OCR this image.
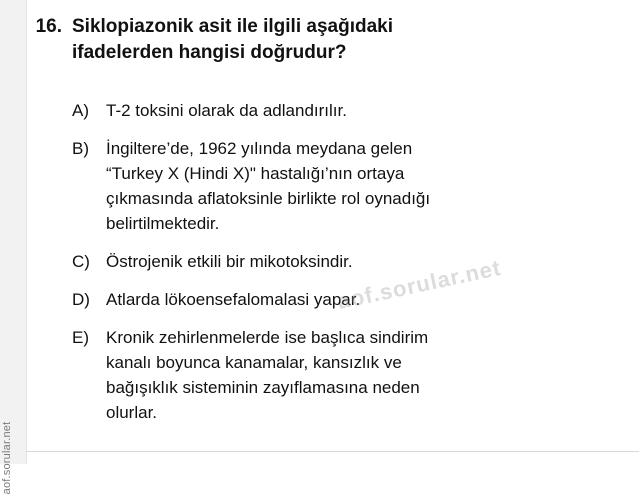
aof.sorular.net
16. Siklopiazonik asit ile ilgili aşağıdaki
ifadelerden hangisi doğrudur?
A)	T-2 toksini olarak da adlandırılır.
B)	İngiltere’de, 1962 yılında meydana gelen
“Turkey X (Hindi X)" hastalığı’nın ortaya
çıkmasında aflatoksinle birlikte rol oynadığı
belirtilmektedir.
C) Östrojenik etkili bir mikotoksindir.
D) Atlarda lökoensefalomalasi yapar.
E)	Kronik zehirlenmelerde ise başlıca sindirim
kanalı boyunca kanamalar, kansızlık ve
bağışıklık sisteminin zayıflamasına neden
olurlar.
aof.sorular.net
